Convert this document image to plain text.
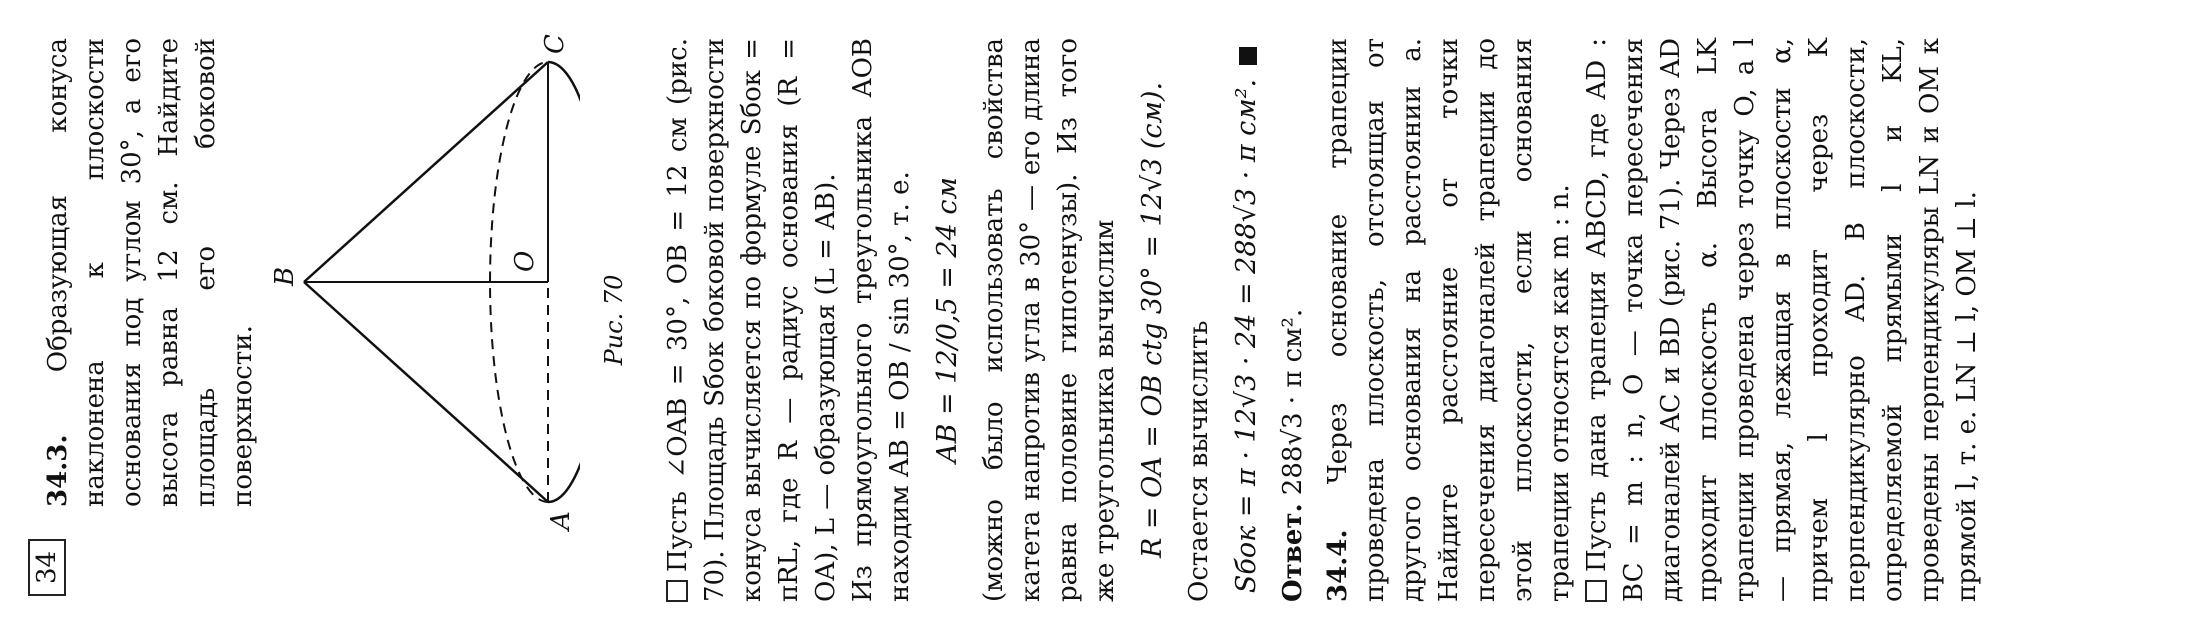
34

34.3. Образующая конуса наклонена к плоскости основания под углом 30°, а его высота равна 12 см. Найдите площадь его боковой поверхности.

B
A
C
O
Рис. 70 Пусть ∠OAB = 30°, OB = 12 см (рис. 70). Площадь Sбок боковой поверхности конуса вычисляется по формуле Sбок = πRL, где R — радиус основания (R = OA), L — образующая (L = AB). Из прямоугольного треугольника AOB находим AB = OB / sin 30°, т. е. AB = 12/0,5 = 24 см (можно было использовать свойства катета напротив угла в 30° — его длина равна половине гипотенузы). Из того же треугольника вычислим R = OA = OB ctg 30° = 12√3 (см). Остается вычислить Sбок = π · 12√3 · 24 = 288√3 · π см². Ответ. 288√3 · π см².

34.4. Через основание трапеции проведена плоскость, отстоящая от другого основания на расстоянии a. Найдите расстояние от точки пересечения диагоналей трапеции до этой плоскости, если основания трапеции относятся как m : n. Пусть дана трапеция ABCD, где AD : BC = m : n, O — точка пересечения диагоналей AC и BD (рис. 71). Через AD проходит плоскость α. Высота LK трапеции проведена через точку O, а l — прямая, лежащая в плоскости α, причем l проходит через K перпендикулярно AD. В плоскости, определяемой прямыми l и KL, проведены перпендикуляры LN и OM к прямой l, т. е. LN ⊥ l, OM ⊥ l.
